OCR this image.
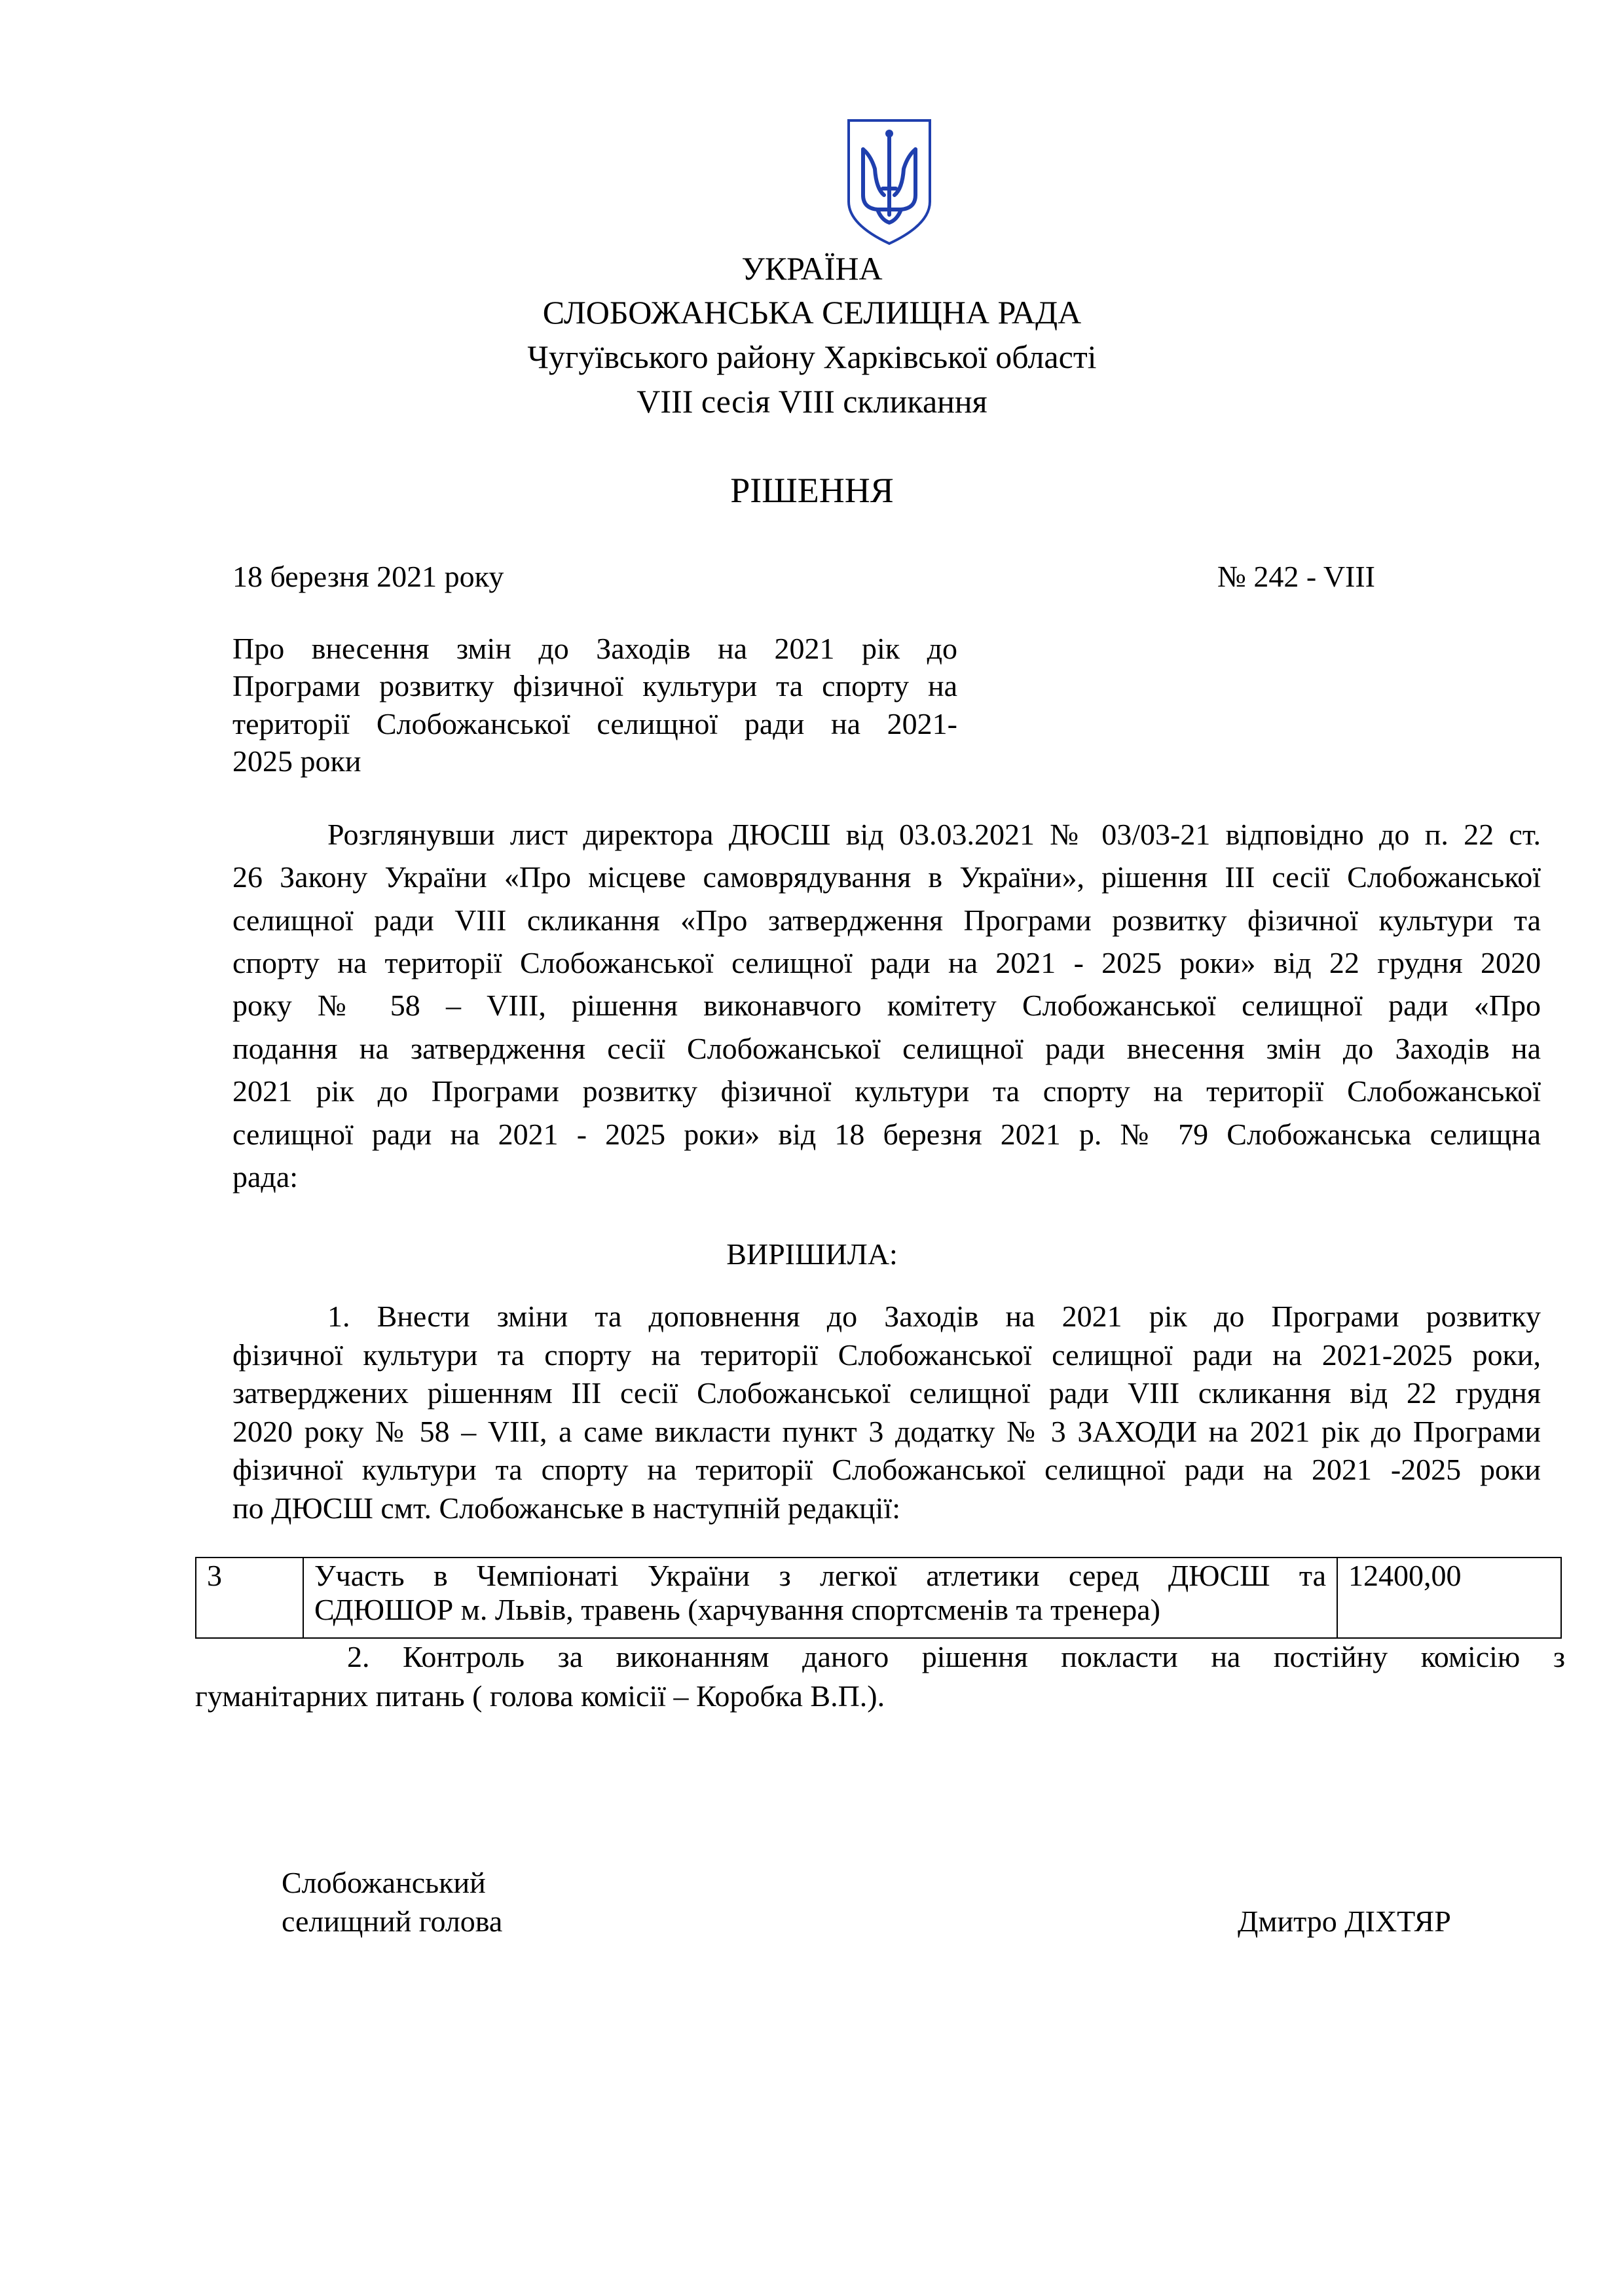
УКРАЇНА
СЛОБОЖАНСЬКА СЕЛИЩНА РАДА
Чугуївського району Харківської області
VIII сесія VIII скликання
РІШЕННЯ
18 березня 2021 року	№ 242 - VIII
Про внесення змін до Заходів на 2021 рік до
Програми розвитку фізичної культури та спорту на
території Слобожанської селищної ради на 2021-
2025 роки
Розглянувши лист директора ДЮСШ від 03.03.2021 № 03/03-21 відповідно до п. 22 ст.
26 Закону України «Про місцеве самоврядування в України», рішення ІІІ сесії Слобожанської
селищної ради VIII скликання «Про затвердження Програми розвитку фізичної культури та
спорту на території Слобожанської селищної ради на 2021 - 2025 роки» від 22 грудня 2020
року № 58 – VIII, рішення виконавчого комітету Слобожанської селищної ради «Про
подання на затвердження сесії Слобожанської селищної ради внесення змін до Заходів на
2021 рік до Програми розвитку фізичної культури та спорту на території Слобожанської
селищної ради на 2021 - 2025 роки» від 18 березня 2021 р. № 79 Слобожанська селищна
рада:
ВИРІШИЛА:
1. Внести зміни та доповнення до Заходів на 2021 рік до Програми розвитку
фізичної культури та спорту на території Слобожанської селищної ради на 2021-2025 роки,
затверджених рішенням ІІІ сесії Слобожанської селищної ради VIII скликання від 22 грудня
2020 року № 58 – VIII, а саме викласти пункт 3 додатку № 3 ЗАХОДИ на 2021 рік до Програми
фізичної культури та спорту на території Слобожанської селищної ради на 2021 -2025 роки
по ДЮСШ смт. Слобожанське в наступній редакції:
3	Участь в Чемпіонаті України з легкої атлетики серед ДЮСШ та
СДЮШОР м. Львів, травень (харчування спортсменів та тренера)
	12400,00
2. Контроль за виконанням даного рішення покласти на постійну комісію з
гуманітарних питань ( голова комісії – Коробка В.П.).
Слобожанський
селищний голова	Дмитро ДІХТЯР
